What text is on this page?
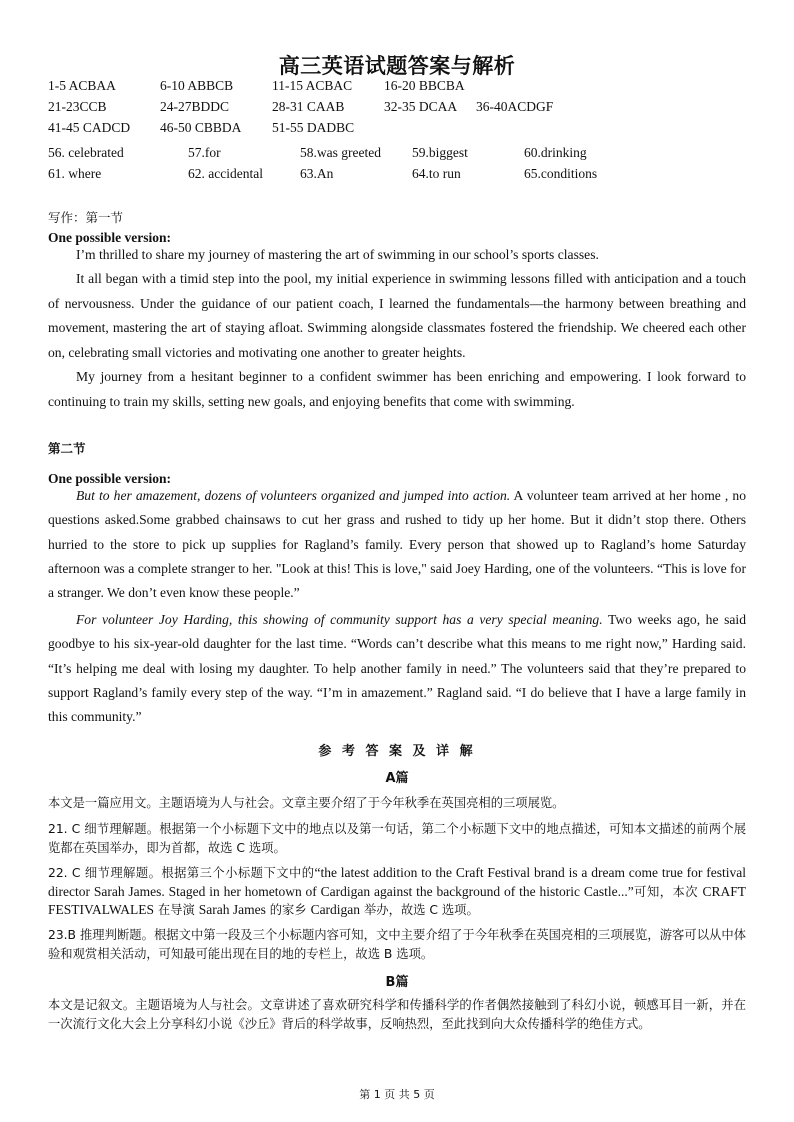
高三英语试题答案与解析
1-5 ACBAA	6-10 ABBCB	11-15 ACBAC 16-20 BBCBA
21-23CCB	24-27BDDC	28-31 CAAB	32-35 DCAA 36-40ACDGF
41-45 CADCD 46-50 CBBDA 51-55 DADBC
56. celebrated	57.for	58.was greeted 59.biggest	60.drinking
61. where	62. accidental	63.An	64.to run	65.conditions
写作：第一节
One possible version:

I’m thrilled to share my journey of mastering the art of swimming in our school’s sports classes.

It all began with a timid step into the pool, my initial experience in swimming lessons filled with anticipation and a touch of nervousness. Under the guidance of our patient coach, I learned the fundamentals—the harmony between breathing and movement, mastering the art of staying afloat. Swimming alongside classmates fostered the friendship. We cheered each other on, celebrating small victories and motivating one another to greater heights.

My journey from a hesitant beginner to a confident swimmer has been enriching and empowering. I look forward to continuing to train my skills, setting new goals, and enjoying benefits that come with swimming.

第二节
One possible version:

But to her amazement, dozens of volunteers organized and jumped into action. A volunteer team arrived at her home , no questions asked.Some grabbed chainsaws to cut her grass and rushed to tidy up her home. But it didn’t stop there. Others hurried to the store to pick up supplies for Ragland’s family. Every person that showed up to Ragland’s home Saturday afternoon was a complete stranger to her. "Look at this! This is love," said Joey Harding, one of the volunteers. “This is love for a stranger. We don’t even know these people.”

For volunteer Joy Harding, this showing of community support has a very special meaning. Two weeks ago, he said goodbye to his six-year-old daughter for the last time. “Words can’t describe what this means to me right now,” Harding said. “It’s helping me deal with losing my daughter. To help another family in need.” The volunteers said that they’re prepared to support Ragland’s family every step of the way. “I’m in amazement.” Ragland said. “I do believe that I have a large family in this community.”

参 考 答 案 及 详 解
A篇

本文是一篇应用文。主题语境为人与社会。文章主要介绍了于今年秋季在英国亮相的三项展览。

21. C 细节理解题。根据第一个小标题下文中的地点以及第一句话，第二个小标题下文中的地点描述，可知本文描述的前两个展览都在英国举办，即为首都，故选 C 选项。

22. C 细节理解题。根据第三个小标题下文中的“the latest addition to the Craft Festival brand is a dream come true for festival director Sarah James. Staged in her hometown of Cardigan against the background of the historic Castle...”可知，本次 CRAFT FESTIVALWALES 在导演 Sarah James 的家乡 Cardigan 举办，故选 C 选项。

23.B 推理判断题。根据文中第一段及三个小标题内容可知，文中主要介绍了于今年秋季在英国亮相的三项展览，游客可以从中体验和观赏相关活动，可知最可能出现在目的地的专栏上，故选 B 选项。

B篇

本文是记叙文。主题语境为人与社会。文章讲述了喜欢研究科学和传播科学的作者偶然接触到了科幻小说，顿感耳目一新，并在一次流行文化大会上分享科幻小说《沙丘》背后的科学故事，反响热烈，至此找到向大众传播科学的绝佳方式。

第 1 页 共 5 页
